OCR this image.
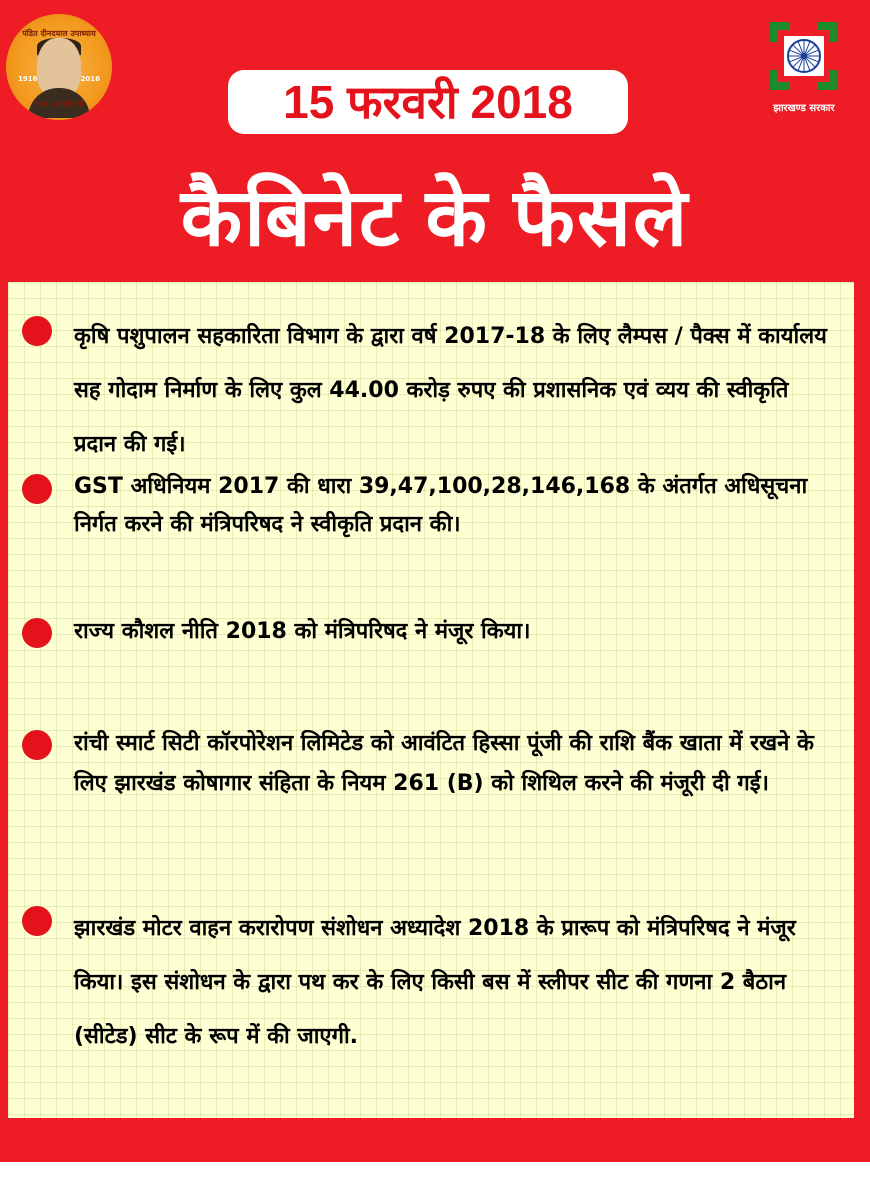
पंडित दीनदयाल उपाध्याय
1916	2016
जन्म शताब्दी वर्ष	15 फरवरी 2018
कैबिनेट के फैसले
झारखण्ड सरकार
कृषि पशुपालन सहकारिता विभाग के द्वारा वर्ष 2017-18 के लिए लैम्पस / पैक्स में कार्यालय सह गोदाम निर्माण के लिए कुल 44.00 करोड़ रुपए की प्रशासनिक एवं व्यय की स्वीकृति प्रदान की गई।
GST अधिनियम 2017 की धारा 39,47,100,28,146,168 के अंतर्गत अधिसूचना निर्गत करने की मंत्रिपरिषद ने स्वीकृति प्रदान की।
राज्य कौशल नीति 2018 को मंत्रिपरिषद ने मंजूर किया।
रांची स्मार्ट सिटी कॉरपोरेशन लिमिटेड को आवंटित हिस्सा पूंजी की राशि बैंक खाता में रखने के लिए झारखंड कोषागार संहिता के नियम 261 (B) को शिथिल करने की मंजूरी दी गई।
झारखंड मोटर वाहन करारोपण संशोधन अध्यादेश 2018 के प्रारूप को मंत्रिपरिषद ने मंजूर किया। इस संशोधन के द्वारा पथ कर के लिए किसी बस में स्लीपर सीट की गणना 2 बैठान (सीटेड) सीट के रूप में की जाएगी.
